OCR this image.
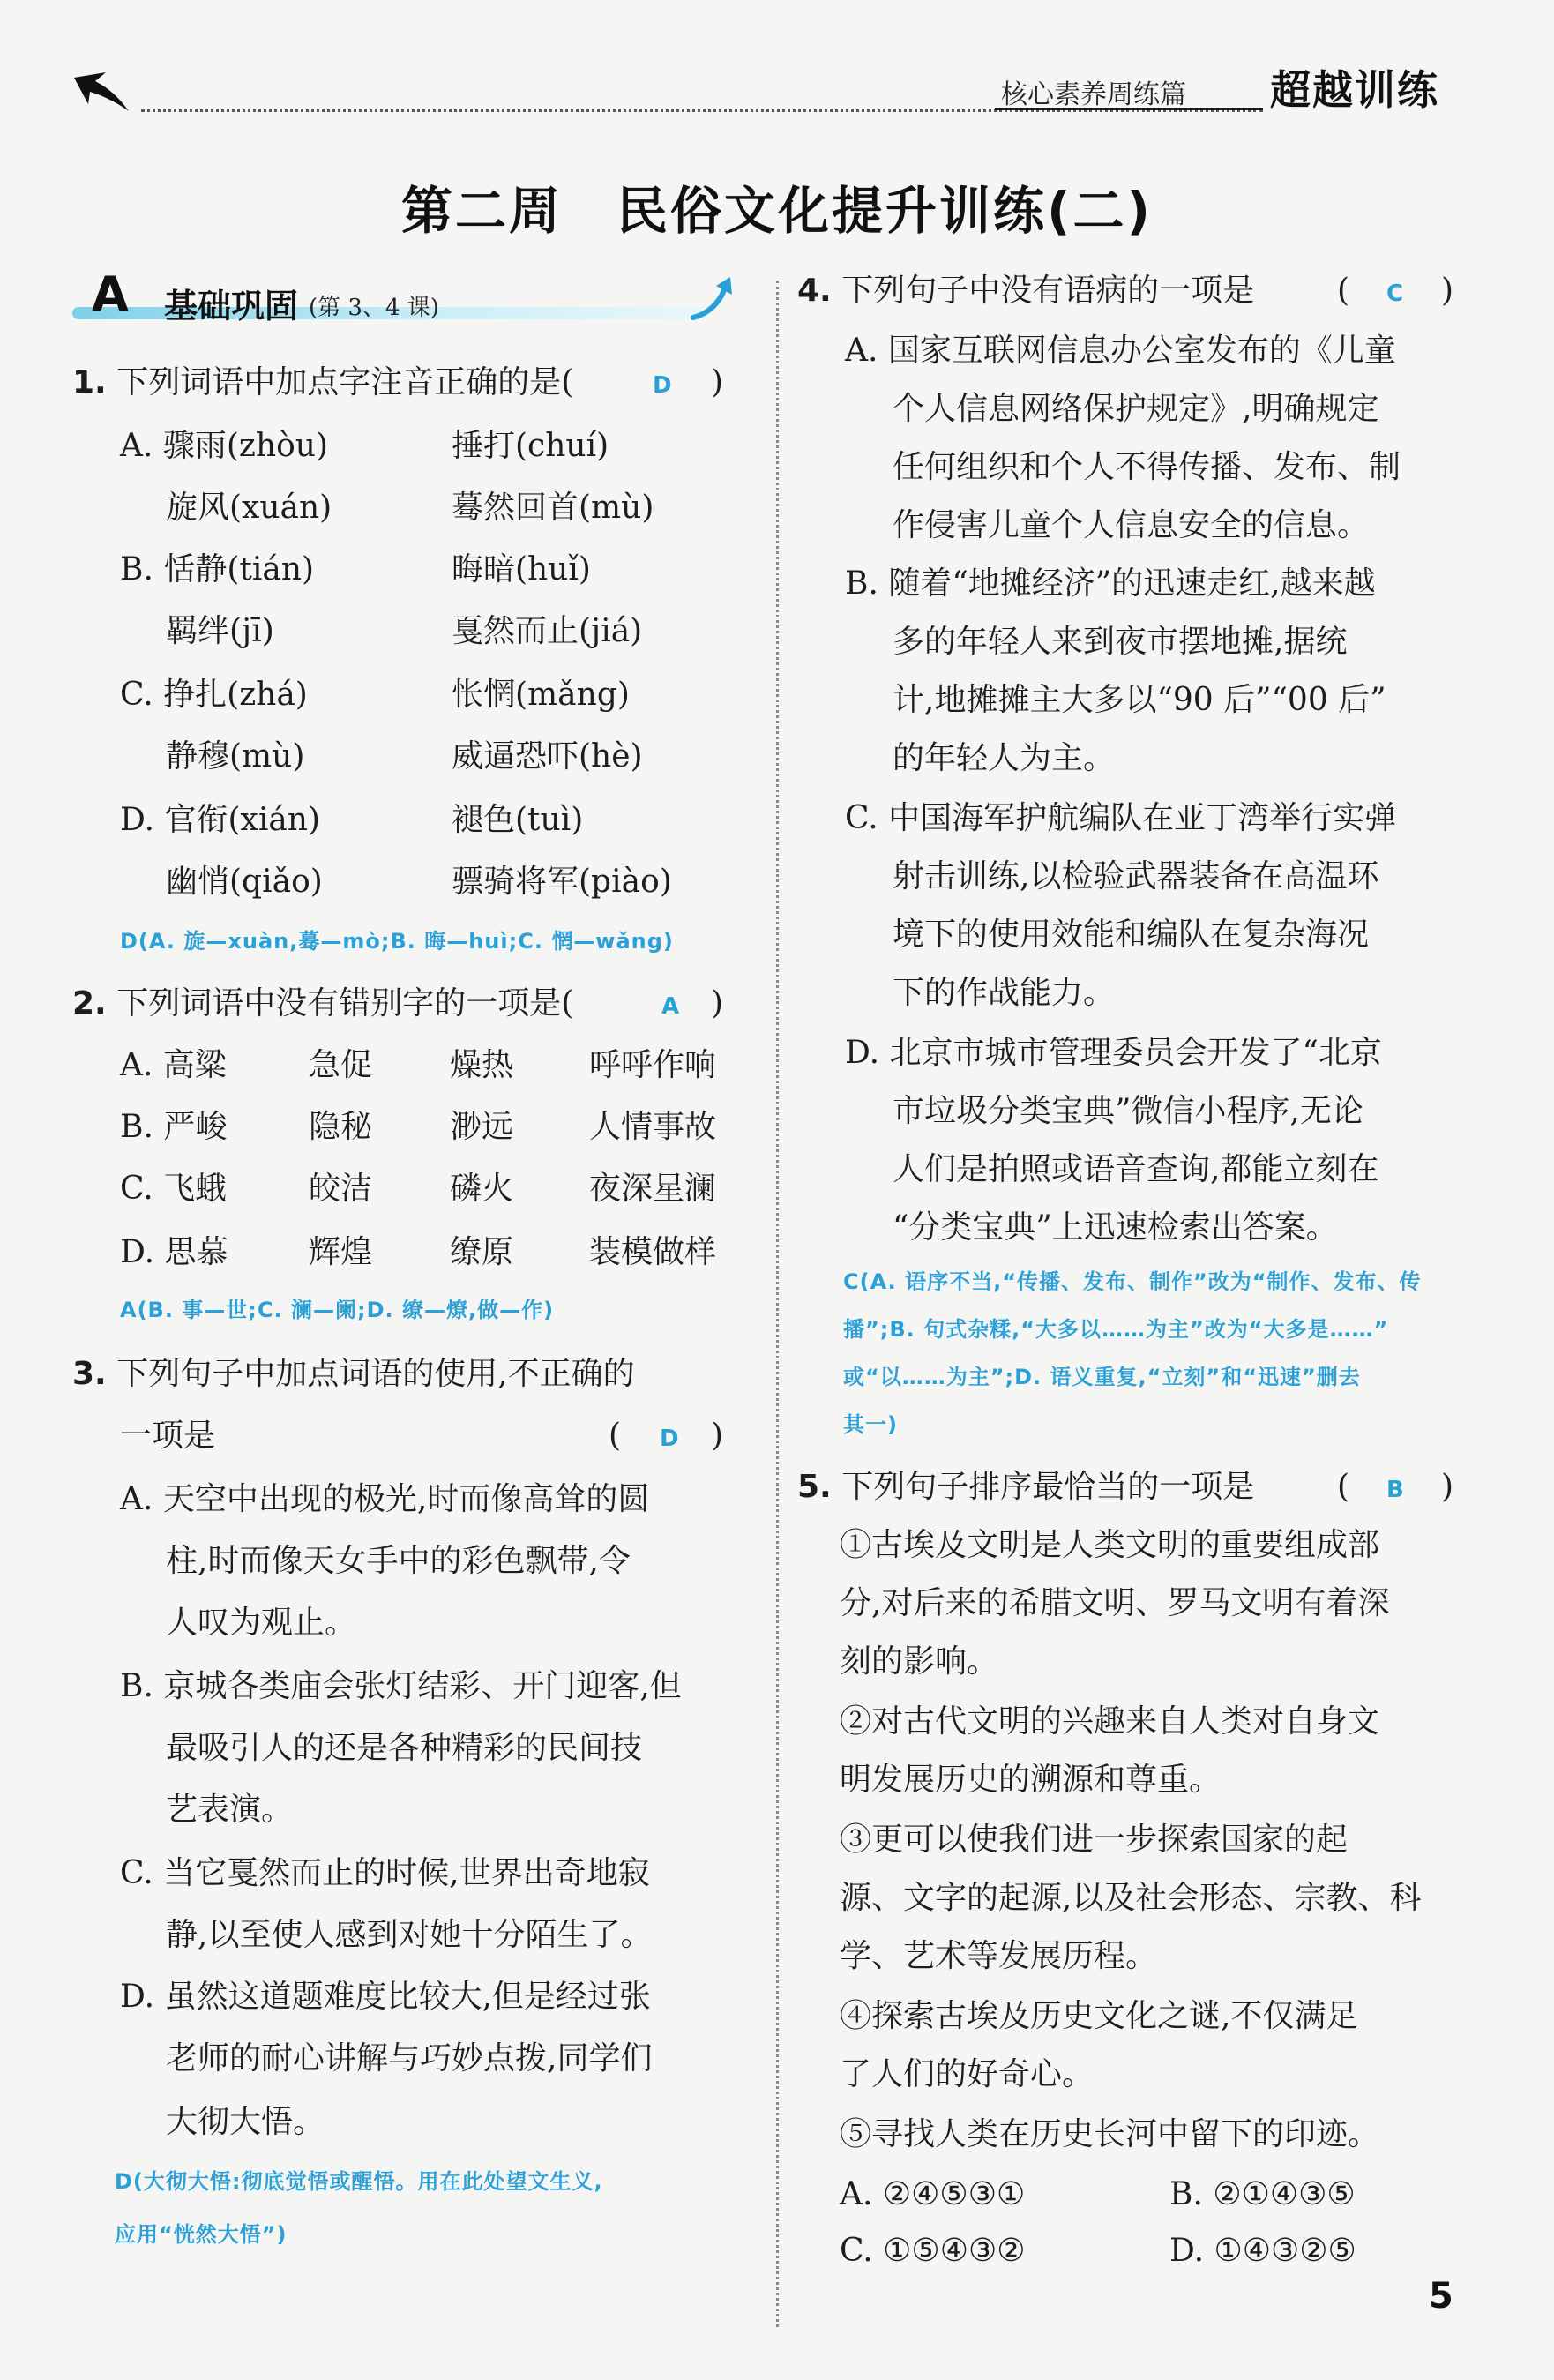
核心素养周练篇 超越训练
第二周　民俗文化提升训练(二)
A 基础巩固 (第 3、4 课)
1. 下列词语中加点字注音正确的是(	D )
A. 骤雨(zhòu)	捶打(chuí)
旋风(xuán)	蓦然回首(mù)
B. 恬静(tián)	晦暗(huǐ)
羁绊(jī)	戛然而止(jiá)
C. 挣扎(zhá)	怅惘(mǎng)
静穆(mù)	威逼恐吓(hè)
D. 官衔(xián)	褪色(tuì)
幽悄(qiǎo)	骠骑将军(piào)
D(A. 旋—xuàn,蓦—mò;B. 晦—huì;C. 惘—wǎng)
2. 下列词语中没有错别字的一项是(	A )
A. 高粱	急促 燥热 呼呼作响
B. 严峻	隐秘 渺远 人情事故
C. 飞蛾	皎洁 磷火 夜深星澜
D. 思慕	辉煌 缭原 装模做样
A(B. 事—世;C. 澜—阑;D. 缭—燎,做—作)
3. 下列句子中加点词语的使用,不正确的
一项是	( D )
A. 天空中出现的极光,时而像高耸的圆
柱,时而像天女手中的彩色飘带,令
人叹为观止。
B. 京城各类庙会张灯结彩、开门迎客,但
最吸引人的还是各种精彩的民间技
艺表演。
C. 当它戛然而止的时候,世界出奇地寂
静,以至使人感到对她十分陌生了。
D. 虽然这道题难度比较大,但是经过张
老师的耐心讲解与巧妙点拨,同学们
大彻大悟。
D(大彻大悟:彻底觉悟或醒悟。用在此处望文生义,
应用“恍然大悟”)
4. 下列句子中没有语病的一项是	( C )
A. 国家互联网信息办公室发布的《儿童
个人信息网络保护规定》,明确规定
任何组织和个人不得传播、发布、制
作侵害儿童个人信息安全的信息。
B. 随着“地摊经济”的迅速走红,越来越
多的年轻人来到夜市摆地摊,据统
计,地摊摊主大多以“90 后”“00 后”
的年轻人为主。
C. 中国海军护航编队在亚丁湾举行实弹
射击训练,以检验武器装备在高温环
境下的使用效能和编队在复杂海况
下的作战能力。
D. 北京市城市管理委员会开发了“北京
市垃圾分类宝典”微信小程序,无论
人们是拍照或语音查询,都能立刻在
“分类宝典”上迅速检索出答案。
C(A. 语序不当,“传播、发布、制作”改为“制作、发布、传
播”;B. 句式杂糅,“大多以……为主”改为“大多是……”
或“以……为主”;D. 语义重复,“立刻”和“迅速”删去
其一)
5. 下列句子排序最恰当的一项是	( B )
①古埃及文明是人类文明的重要组成部
分,对后来的希腊文明、罗马文明有着深
刻的影响。
②对古代文明的兴趣来自人类对自身文
明发展历史的溯源和尊重。
③更可以使我们进一步探索国家的起
源、文字的起源,以及社会形态、宗教、科
学、艺术等发展历程。
④探索古埃及历史文化之谜,不仅满足
了人们的好奇心。
⑤寻找人类在历史长河中留下的印迹。
A. ②④⑤③①	B. ②①④③⑤
C. ①⑤④③②	D. ①④③②⑤
5
